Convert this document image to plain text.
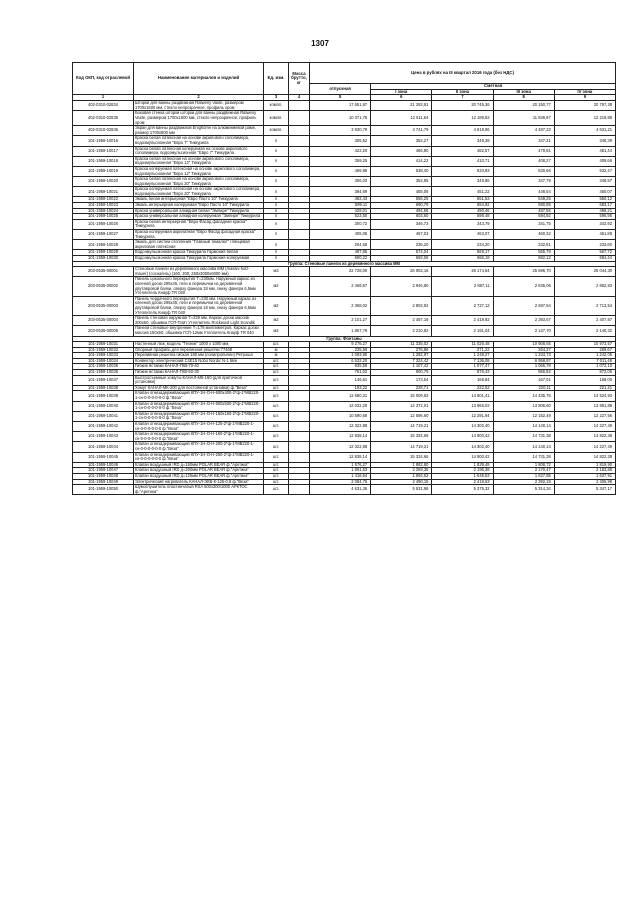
1307
Код ОКП, код отраслевой	Наименование материалов и изделий	Ед. изм.	Масса брутто, кг	Цена в рублях на III квартал 2016 года (без НДС)				
				отпускная	Сметная			
					I зона	II зона	III зона	IV зона
1	2	3	4	5	6	7	8	9
402-0310-02834	Шторки для ванны раздвижная Ratweny Vaste, размером 1700х1500 мм, стекло непрозрачное, профиль хром	компл.		17 651,97	21 293,91	20 745,36	20 150,77	20 797,38
402-0310-02835	Боковая стенка шторки шторки для ванны раздвижная Ratweny Vaste, размером 1700х1500 мм, стекло непрозрачное, профиль хром	компл.		10 371,75	12 511,64	12 189,82	11 839,97	12 219,88
402-0310-02836	Экран для ванны раздвижной Enighome на алюминиевой раме, размер 1700х500 мм	компл.		3 930,79	4 741,79	4 619,86	4 487,23	4 631,21
101-1959-10016	Краска белая латексная на основе акрилового сополимера, водоэмульсионная "Евро 7" Тиккурила	л		305,52	352,27	349,38	347,21	348,39
101-1959-10017	Краска белая латексная колеруемая на основе акрилового сополимера, водоэмульсионная "Евро 7" Тиккурила	л		422,20	486,80	482,57	479,81	481,44
101-1959-10018	Краска белая латексная на основе акрилового сополимера, водоэмульсионная "Евро 12" Тиккурила	л		359,25	414,22	410,71	408,27	409,66
101-1959-10019	Краска колеруемая латексная на основе акрилового сополимера, водоэмульсионная "Евро 12" Тиккурила	л		466,95	538,40	533,83	530,66	532,47
101-1959-10020	Краска белая латексная на основе акрилового сополимера, водоэмульсионная "Евро 20" Тиккурила	л		306,03	352,85	349,86	347,79	348,97
101-1959-10021	Краска колеруемая латексная на основе акрилового сополимера, водоэмульсионная "Евро 20" Тиккурила	л		394,69	455,08	451,22	448,54	450,07
101-1959-10022	Эмаль белая интерьерная "Евро Пасто 10" Тиккурила	л		482,43	556,25	551,53	548,25	550,12
101-1959-10023	Эмаль интерьерная колеруемая "Евро Пасто 10" Тиккурила	л		599,11	690,78	684,92	680,85	683,17
101-1959-10024	Краска универсальная алкидная белая "Эмпире" Тиккурила	л		428,01	494,68	490,46	487,55	489,21
101-1959-10025	Краска универсальная алкидная колеруемая "Эмпире" Тиккурила	л		523,50	603,60	598,48	594,92	596,95
101-1959-10026	Краска белая интерьерная "Евро Фасад фасадная краска" Тиккурила	л		300,72	346,73	343,79	341,75	342,92
101-1959-10027	Краска колеруемая акрилатная "Евро Фасад фасадная краска" Тиккурила	л		405,05	467,03	463,07	460,32	461,88
101-1959-10028	Эмаль для систем отопления "Главный темалют" глянцевая акриловая латексная	л		204,66	236,20	234,20	232,81	233,60
101-1959-10029	Водоэмульсионная краска Тиккурила Гармония белая	л		497,86	574,04	569,17	565,79	567,72
101-1959-10030	Водоэмульсионная краска Тиккурила Гармония колеруемая	л		600,22	692,06	686,19	682,12	684,44
Группа: Стеновые панели из деревянного массива ММ								
203-0535-00001	Стеновые панели из деревянного массива ММ (massiv-holz-mauer) (сосна/ель) (160, 200, 250х3000х6000 мм)	м3		22 728,00	26 902,16	26 174,64	25 696,70	26 044,30
203-0535-00002	Панель цокольного перекрытия Т=230мм. Наружный каркас из клееной доски 295х45, пеги и перемычки из деревянной двутавровой балки, сверху фанера 18 мм, снизу фанера 6,5мм Утеплитель Кнауф ТR 040	м2		2 469,57	2 946,80	2 887,11	2 835,06	2 852,83
203-0535-00003	Панель чердачного перекрытия Т=230 мм. Наружный каркас из клееной доски 295х45, пеги и перемычки из деревянной двутавровой балки, сверху фанера 18 мм, снизу фанера 6,5мм Утеплитель Кнауф ТR 040	м2		2 368,02	2 802,92	2 727,12	2 697,54	2 713,54
203-0535-00004	Панель стеновая наружная Т=229 мм. Каркас доски массив 200х50, обшивка ГСП-Плит Утеплитель Rockwool Light Scandik	м2		2 101,27	2 487,18	2 419,92	2 393,67	2 407,87
203-0535-00005	Панели стеновые внутренние Т=178 миллиметров. Каркас доски массив 150х50, обшивка ГСП-12мм Утеплитель Кнауф TR 040	м2		1 867,79	2 210,82	2 151,04	2 127,70	2 140,32
Группа: Фонтаны								
101-1959-10031	Настенный люк, модель "Техник" 1000 х 1000 мм,	шт.		9 276,27	11 335,02	11 028,48	10 908,65	10 973,57
101-1959-10032	Опорный профиль для перелинной решетки 77468	м		235,59	276,86	271,22	264,37	269,67
101-1959-10033	Переливная решетка гибкая 180 мм (полипропилен) Ретроша	м		1 083,90	1 282,97	1 248,27	1 234,73	1 242,05
101-1959-10034	Конвектор электрический С4Е15 Nobo Nordic N-1 5kw	шт.		6 532,20	7 324,42	7 136,08	6 958,97	7 011,48
101-1959-10035	Гибкие вставки КАНАЛ-ГКВ-70-40	шт.		935,59	1 107,42	1 077,47	1 065,78	1 072,10
101-1959-10036	Гибкие вставки КАНАЛ-ГКВ-50-30	шт.		761,02	900,79	876,43	866,92	872,06
101-1959-10037	Быстросъемные хомуты КАНАЛ-МК-160 (для приточной установки)	шт.		146,61	173,54	168,84	167,01	168,00
101-1959-10038	Хомут КАНАЛ-МК-200 для постоянной установки) ф."Веза"	шт.		193,22	228,71	222,52	220,11	221,41
101-1959-10039	Клапан огнезадерживающий КПУ-1Н-О-Н-600х400-2*ф-1*МВ220-1-сн-0-0-0-0-0-0 ф."Веза"	шт.		12 680,31	15 009,93	14 601,41	14 435,76	14 524,93
101-1959-10040	Клапан огнезадерживающий КПУ-1Н-О-Н-500х500-2*ф-1*МВ220-1-сн-0-0-0-0-0-0 ф."Веза"	шт.		12 032,20	14 372,01	13 965,02	13 806,60	13 891,88
101-1959-10041	Клапан огнезадерживающий КПУ-1Н-О-Н-150х150-2*ф-1*МВ220-1-сн-0-0-0-0-0-0 ф."Веза"	шт.		10 590,68	12 596,60	12 291,94	12 152,49	12 227,56
101-1959-10042	Клапан огнезадерживающий КПУ-1Н-О-Н-125-2*ф-1*МВ220-1-сн-0-0-0-0-0-0 ф."Веза"	шт.		12 322,88	14 719,21	14 302,40	14 140,14	14 227,49
101-1959-10043	Клапан огнезадерживающий КПУ-1Н-О-Н-160-2*ф-1*МВ220-1-сн-0-0-0-0-0-0 ф."Веза"	шт.		12 838,14	15 334,66	14 900,42	14 731,38	14 822,38
101-1959-10044	Клапан огнезадерживающий КПУ-1Н-О-Н-200-2*ф-1*МВ220-1-сн-0-0-0-0-0-0 ф."Веза"	шт.		12 322,88	14 719,21	14 302,40	14 140,14	14 227,49
101-1959-10045	Клапан огнезадерживающий КПУ-1Н-О-Н-250-2*ф-1*МВ220-1-сн-0-0-0-0-0-0 ф."Веза"	шт.		12 838,14	15 334,66	14 900,42	14 731,38	14 822,38
101-1959-10046	Клапан воздушный IRD д=160мм POLAR BEAR ф."Арктика"	шт.		1 576,27	1 882,80	1 829,48	1 808,72	1 819,90
101-1959-10047	Клапан воздушный IRD д=200мм POLAR BEAR ф."Арктика"	шт.		1 891,53	2 259,35	2 195,38	2 170,47	2 183,88
101-1959-10048	Клапан воздушный IRD д=125мм POLAR BEAR ф."Арктика"	шт.		1 416,64	1 694,52	1 646,53	1 627,85	1 637,91
101-1959-10049	Электрический нагреватель КАНАЛ-ЭКВ-К-125-0,8 ф."Веза"	шт.		2 084,75	2 490,15	2 419,63	2 392,18	2 406,98
101-1959-10050	Шумоглушитель пластинчатый RSA 500х300/1000 АРКТОС ф."Арктика"	шт.		4 631,36	5 531,98	5 375,32	5 314,34	5 347,17
